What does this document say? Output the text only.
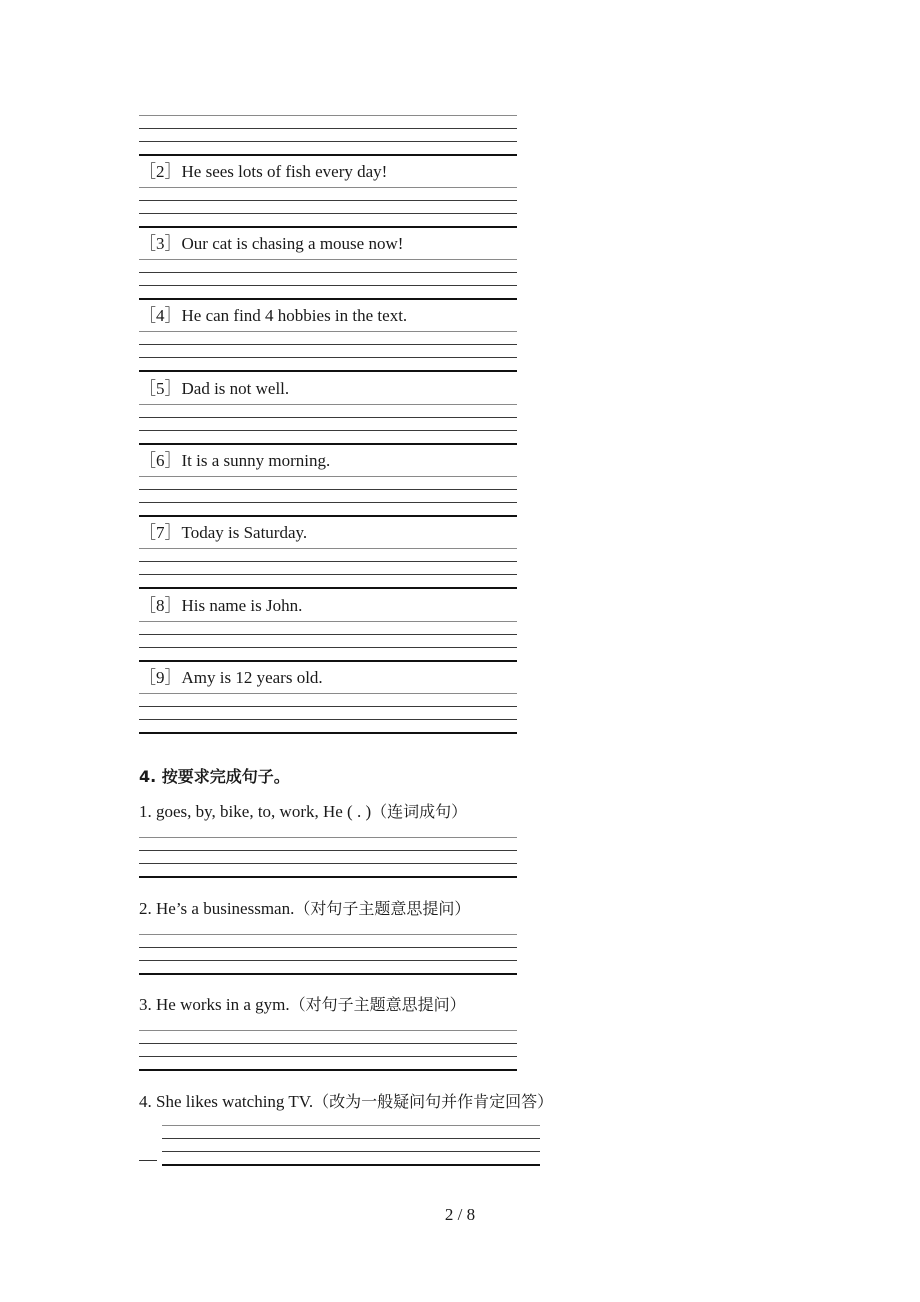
［2］He sees lots of fish every day!
［3］Our cat is chasing a mouse now!
［4］He can find 4 hobbies in the text.
［5］Dad is not well.
［6］It is a sunny morning.
［7］Today is Saturday.
［8］His name is John.
［9］Amy is 12 years old.
4. 按要求完成句子。
1. goes, by, bike, to, work, He ( . )（连词成句）
2. He’s a businessman.（对句子主题意思提问）
3. He works in a gym.（对句子主题意思提问）
4. She likes watching TV.（改为一般疑问句并作肯定回答）
2 / 8
